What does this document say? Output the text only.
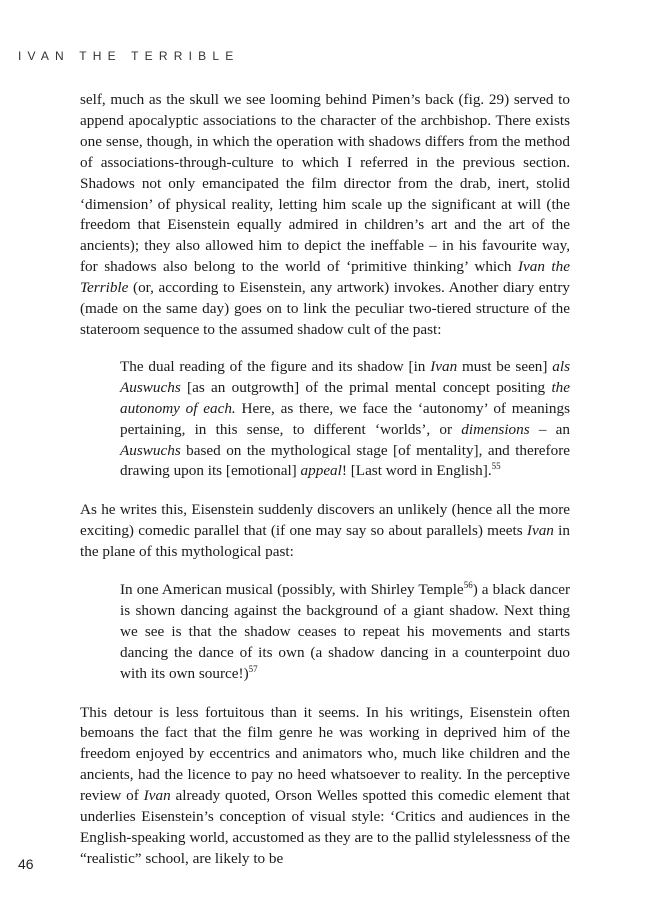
IVAN THE TERRIBLE

self, much as the skull we see looming behind Pimen’s back (fig. 29) served to append apocalyptic associations to the character of the archbishop. There exists one sense, though, in which the operation with shadows differs from the method of associations-through-culture to which I referred in the previous section. Shadows not only emancipated the film director from the drab, inert, stolid ‘dimension’ of physical reality, letting him scale up the significant at will (the freedom that Eisenstein equally admired in children’s art and the art of the ancients); they also allowed him to depict the ineffable – in his favourite way, for shadows also belong to the world of ‘primitive thinking’ which Ivan the Terrible (or, according to Eisenstein, any artwork) invokes. Another diary entry (made on the same day) goes on to link the peculiar two-tiered structure of the stateroom sequence to the assumed shadow cult of the past:

The dual reading of the figure and its shadow [in Ivan must be seen] als Auswuchs [as an outgrowth] of the primal mental concept positing the autonomy of each. Here, as there, we face the ‘autonomy’ of meanings pertaining, in this sense, to different ‘worlds’, or dimensions – an Auswuchs based on the mythological stage [of mentality], and therefore drawing upon its [emotional] appeal! [Last word in English].$^{55}$

As he writes this, Eisenstein suddenly discovers an unlikely (hence all the more exciting) comedic parallel that (if one may say so about parallels) meets Ivan in the plane of this mythological past:

In one American musical (possibly, with Shirley Temple$^{56}$) a black dancer is shown dancing against the background of a giant shadow. Next thing we see is that the shadow ceases to repeat his movements and starts dancing the dance of its own (a shadow dancing in a counterpoint duo with its own source!)$^{57}$

This detour is less fortuitous than it seems. In his writings, Eisenstein often bemoans the fact that the film genre he was working in deprived him of the freedom enjoyed by eccentrics and animators who, much like children and the ancients, had the licence to pay no heed whatsoever to reality. In the perceptive review of Ivan already quoted, Orson Welles spotted this comedic element that underlies Eisenstein’s conception of visual style: ‘Critics and audiences in the English-speaking world, accustomed as they are to the pallid stylelessness of the “realistic” school, are likely to be

46
